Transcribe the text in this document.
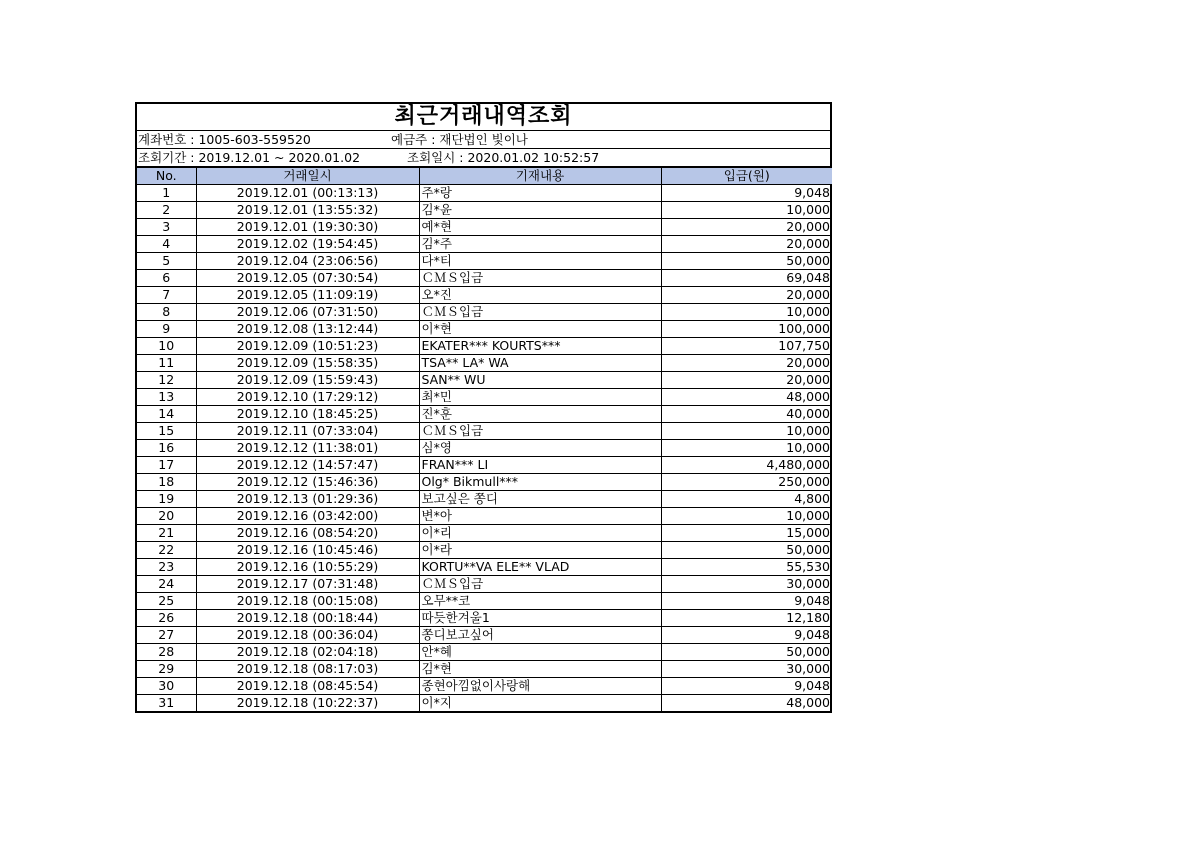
최근거래내역조회
계좌번호 : 1005-603-559520	예금주 : 재단법인 빛이나
조회기간 : 2019.12.01 ~ 2020.01.02	조회일시 : 2020.01.02 10:52:57
No.	거래일시	기재내용	입금(원)
1	2019.12.01 (00:13:13)	주*랑	9,048
2	2019.12.01 (13:55:32)	김*윤	10,000
3	2019.12.01 (19:30:30)	예*현	20,000
4	2019.12.02 (19:54:45)	김*주	20,000
5	2019.12.04 (23:06:56)	다*티	50,000
6	2019.12.05 (07:30:54)	ＣＭＳ입금	69,048
7	2019.12.05 (11:09:19)	오*진	20,000
8	2019.12.06 (07:31:50)	ＣＭＳ입금	10,000
9	2019.12.08 (13:12:44)	이*현	100,000
10	2019.12.09 (10:51:23)	EKATER*** KOURTS***	107,750
11	2019.12.09 (15:58:35)	TSA** LA* WA	20,000
12	2019.12.09 (15:59:43)	SAN** WU	20,000
13	2019.12.10 (17:29:12)	최*민	48,000
14	2019.12.10 (18:45:25)	진*훈	40,000
15	2019.12.11 (07:33:04)	ＣＭＳ입금	10,000
16	2019.12.12 (11:38:01)	심*영	10,000
17	2019.12.12 (14:57:47)	FRAN*** LI	4,480,000
18	2019.12.12 (15:46:36)	Olg* Bikmull***	250,000
19	2019.12.13 (01:29:36)	보고싶은 쫑디	4,800
20	2019.12.16 (03:42:00)	변*아	10,000
21	2019.12.16 (08:54:20)	이*리	15,000
22	2019.12.16 (10:45:46)	이*라	50,000
23	2019.12.16 (10:55:29)	KORTU**VA ELE** VLAD	55,530
24	2019.12.17 (07:31:48)	ＣＭＳ입금	30,000
25	2019.12.18 (00:15:08)	오무**코	9,048
26	2019.12.18 (00:18:44)	따듯한겨울1	12,180
27	2019.12.18 (00:36:04)	쫑디보고싶어	9,048
28	2019.12.18 (02:04:18)	안*혜	50,000
29	2019.12.18 (08:17:03)	김*현	30,000
30	2019.12.18 (08:45:54)	종현아낌없이사랑해	9,048
31	2019.12.18 (10:22:37)	이*지	48,000
